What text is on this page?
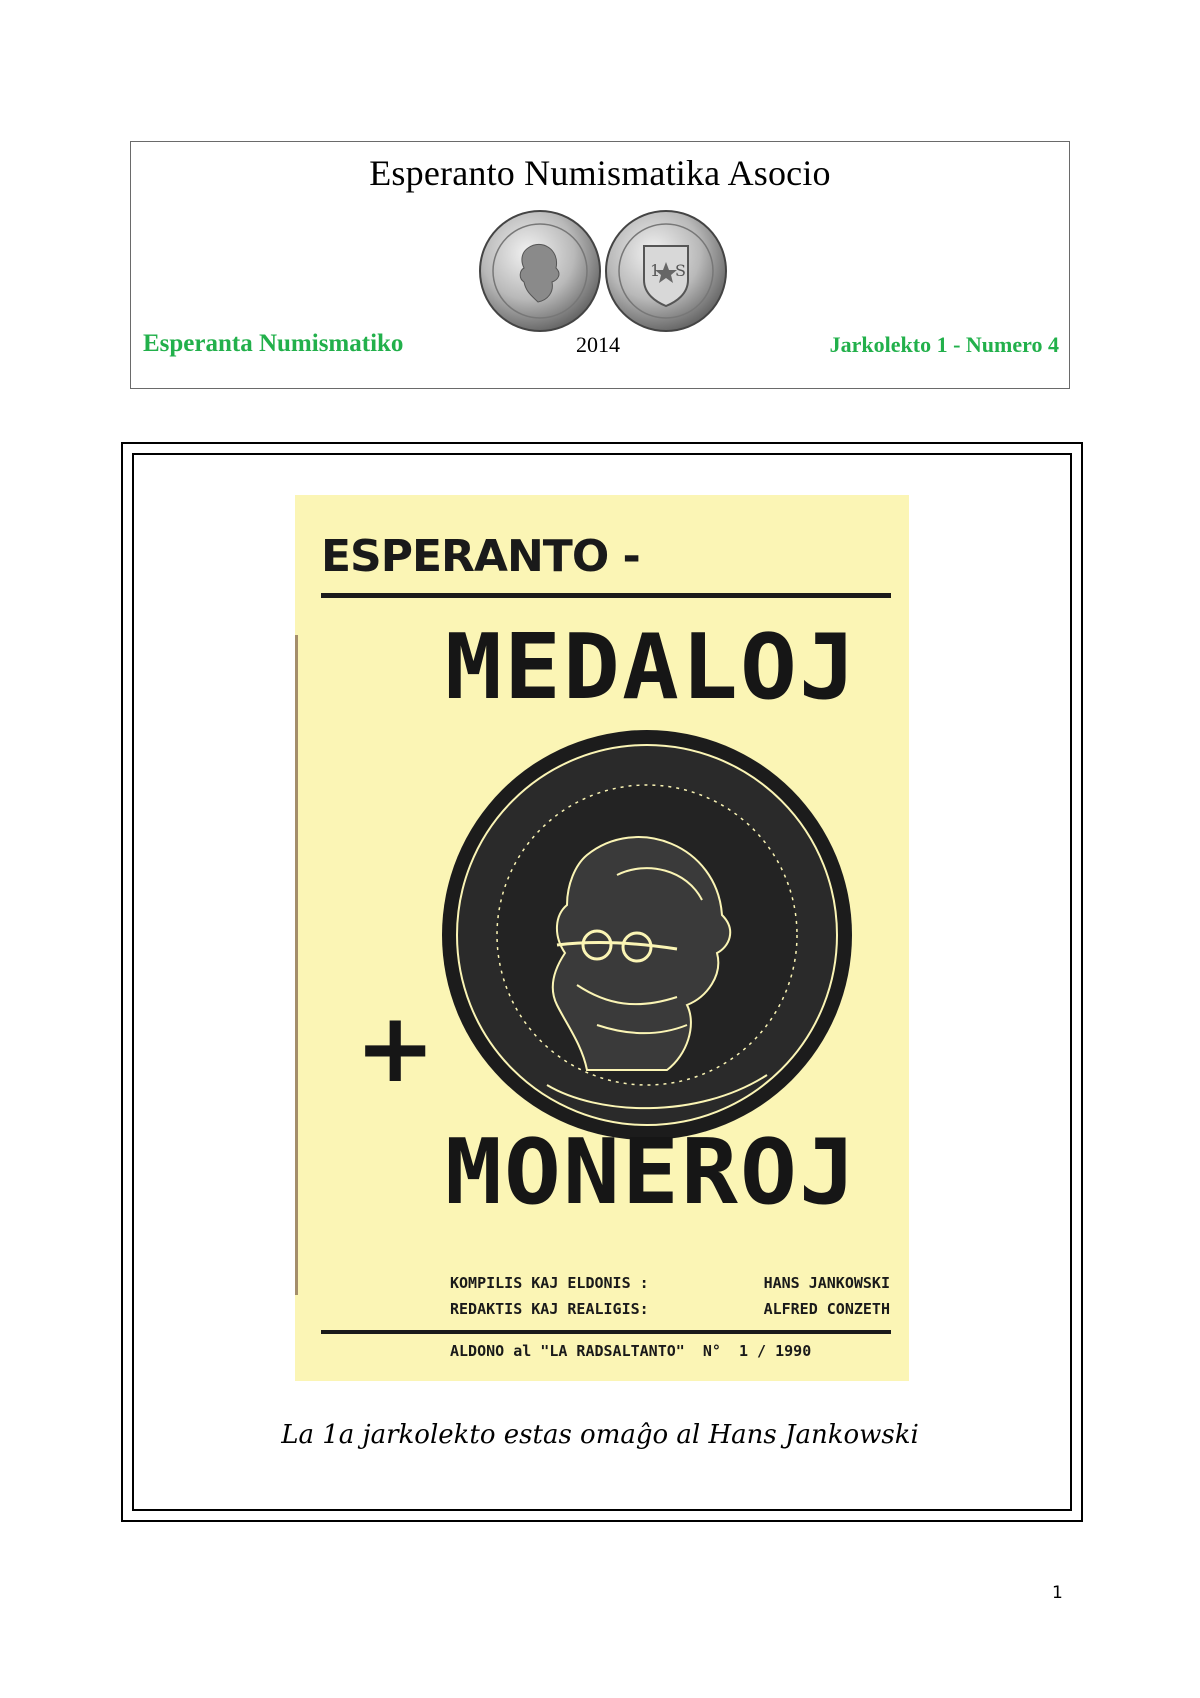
Esperanto Numismatika Asocio
1 S
Esperanta Numismatiko	2014	Jarkolekto 1 - Numero 4
ESPERANTO -
MEDALOJ
+
MONEROJ
KOMPILIS KAJ ELDONIS :	HANS JANKOWSKI
REDAKTIS KAJ REALIGIS:	ALFRED CONZETH
ALDONO al "LA RADSALTANTO"  N°  1 / 1990
La 1a jarkolekto estas omaĝo al Hans Jankowski
1
